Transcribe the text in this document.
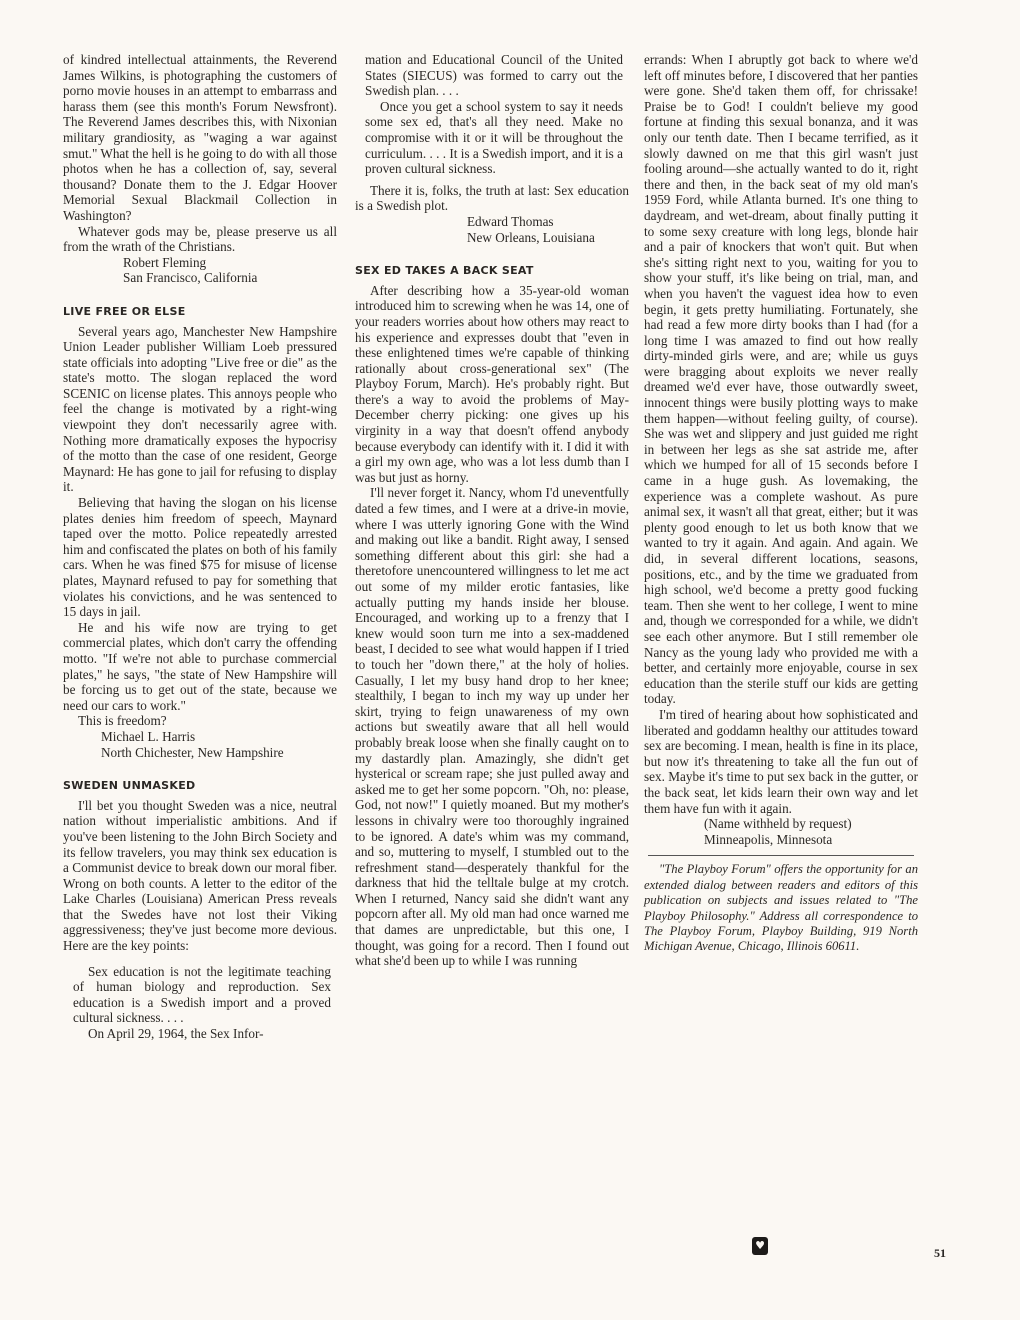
of kindred intellectual attainments, the Reverend James Wilkins, is photographing the customers of porno movie houses in an attempt to embarrass and harass them (see this month's Forum Newsfront). The Reverend James describes this, with Nixonian military grandiosity, as "waging a war against smut." What the hell is he going to do with all those photos when he has a collection of, say, several thousand? Donate them to the J. Edgar Hoover Memorial Sexual Blackmail Collection in Washington?

Whatever gods may be, please preserve us all from the wrath of the Christians.

Robert Fleming

San Francisco, California

LIVE FREE OR ELSE

Several years ago, Manchester New Hampshire Union Leader publisher William Loeb pressured state officials into adopting "Live free or die" as the state's motto. The slogan replaced the word SCENIC on license plates. This annoys people who feel the change is motivated by a right-wing viewpoint they don't necessarily agree with. Nothing more dramatically exposes the hypocrisy of the motto than the case of one resident, George Maynard: He has gone to jail for refusing to display it.

Believing that having the slogan on his license plates denies him freedom of speech, Maynard taped over the motto. Police repeatedly arrested him and confiscated the plates on both of his family cars. When he was fined $75 for misuse of license plates, Maynard refused to pay for something that violates his convictions, and he was sentenced to 15 days in jail.

He and his wife now are trying to get commercial plates, which don't carry the offending motto. "If we're not able to purchase commercial plates," he says, "the state of New Hampshire will be forcing us to get out of the state, because we need our cars to work."

This is freedom?

Michael L. Harris

North Chichester, New Hampshire

SWEDEN UNMASKED

I'll bet you thought Sweden was a nice, neutral nation without imperialistic ambitions. And if you've been listening to the John Birch Society and its fellow travelers, you may think sex education is a Communist device to break down our moral fiber. Wrong on both counts. A letter to the editor of the Lake Charles (Louisiana) American Press reveals that the Swedes have not lost their Viking aggressiveness; they've just become more devious. Here are the key points:

Sex education is not the legitimate teaching of human biology and reproduction. Sex education is a Swedish import and a proved cultural sickness. . . .

On April 29, 1964, the Sex Infor-

mation and Educational Council of the United States (SIECUS) was formed to carry out the Swedish plan. . . .

Once you get a school system to say it needs some sex ed, that's all they need. Make no compromise with it or it will be throughout the curriculum. . . . It is a Swedish import, and it is a proven cultural sickness.

There it is, folks, the truth at last: Sex education is a Swedish plot.

Edward Thomas

New Orleans, Louisiana

SEX ED TAKES A BACK SEAT

After describing how a 35-year-old woman introduced him to screwing when he was 14, one of your readers worries about how others may react to his experience and expresses doubt that "even in these enlightened times we're capable of thinking rationally about cross-generational sex" (The Playboy Forum, March). He's probably right. But there's a way to avoid the problems of May-December cherry picking: one gives up his virginity in a way that doesn't offend anybody because everybody can identify with it. I did it with a girl my own age, who was a lot less dumb than I was but just as horny.

I'll never forget it. Nancy, whom I'd uneventfully dated a few times, and I were at a drive-in movie, where I was utterly ignoring Gone with the Wind and making out like a bandit. Right away, I sensed something different about this girl: she had a theretofore unencountered willingness to let me act out some of my milder erotic fantasies, like actually putting my hands inside her blouse. Encouraged, and working up to a frenzy that I knew would soon turn me into a sex-maddened beast, I decided to see what would happen if I tried to touch her "down there," at the holy of holies. Casually, I let my busy hand drop to her knee; stealthily, I began to inch my way up under her skirt, trying to feign unawareness of my own actions but sweatily aware that all hell would probably break loose when she finally caught on to my dastardly plan. Amazingly, she didn't get hysterical or scream rape; she just pulled away and asked me to get her some popcorn. "Oh, no: please, God, not now!" I quietly moaned. But my mother's lessons in chivalry were too thoroughly ingrained to be ignored. A date's whim was my command, and so, muttering to myself, I stumbled out to the refreshment stand—desperately thankful for the darkness that hid the telltale bulge at my crotch. When I returned, Nancy said she didn't want any popcorn after all. My old man had once warned me that dames are unpredictable, but this one, I thought, was going for a record. Then I found out what she'd been up to while I was running

errands: When I abruptly got back to where we'd left off minutes before, I discovered that her panties were gone. She'd taken them off, for chrissake! Praise be to God! I couldn't believe my good fortune at finding this sexual bonanza, and it was only our tenth date. Then I became terrified, as it slowly dawned on me that this girl wasn't just fooling around—she actually wanted to do it, right there and then, in the back seat of my old man's 1959 Ford, while Atlanta burned. It's one thing to daydream, and wet-dream, about finally putting it to some sexy creature with long legs, blonde hair and a pair of knockers that won't quit. But when she's sitting right next to you, waiting for you to show your stuff, it's like being on trial, man, and when you haven't the vaguest idea how to even begin, it gets pretty humiliating. Fortunately, she had read a few more dirty books than I had (for a long time I was amazed to find out how really dirty-minded girls were, and are; while us guys were bragging about exploits we never really dreamed we'd ever have, those outwardly sweet, innocent things were busily plotting ways to make them happen—without feeling guilty, of course). She was wet and slippery and just guided me right in between her legs as she sat astride me, after which we humped for all of 15 seconds before I came in a huge gush. As lovemaking, the experience was a complete washout. As pure animal sex, it wasn't all that great, either; but it was plenty good enough to let us both know that we wanted to try it again. And again. And again. We did, in several different locations, seasons, positions, etc., and by the time we graduated from high school, we'd become a pretty good fucking team. Then she went to her college, I went to mine and, though we corresponded for a while, we didn't see each other anymore. But I still remember ole Nancy as the young lady who provided me with a better, and certainly more enjoyable, course in sex education than the sterile stuff our kids are getting today.

I'm tired of hearing about how sophisticated and liberated and goddamn healthy our attitudes toward sex are becoming. I mean, health is fine in its place, but now it's threatening to take all the fun out of sex. Maybe it's time to put sex back in the gutter, or the back seat, let kids learn their own way and let them have fun with it again.

(Name withheld by request)

Minneapolis, Minnesota

"The Playboy Forum" offers the opportunity for an extended dialog between readers and editors of this publication on subjects and issues related to "The Playboy Philosophy." Address all correspondence to The Playboy Forum, Playboy Building, 919 North Michigan Avenue, Chicago, Illinois 60611.

♥
51
